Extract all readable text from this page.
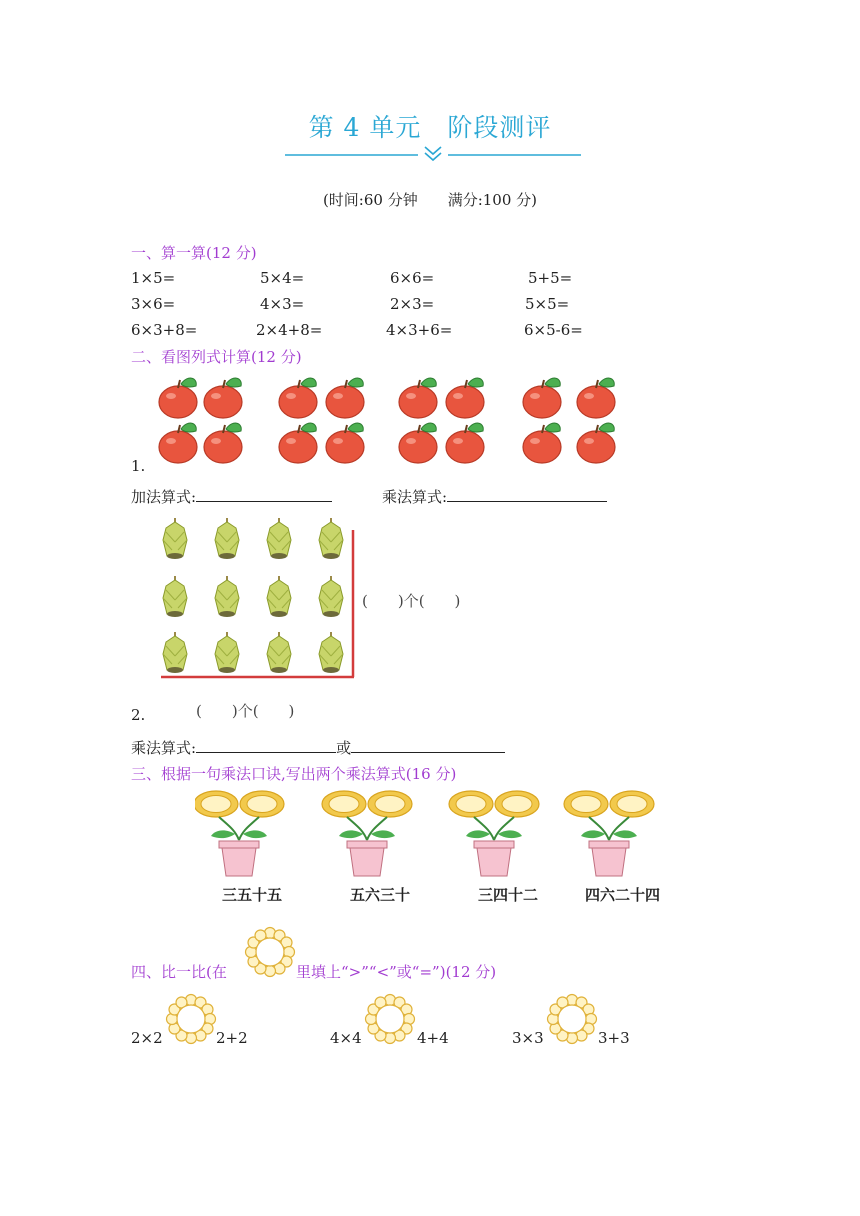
第 4 单元　阶段测评
(时间:60 分钟　　满分:100 分)
一、算一算(12 分)
1×5=	5×4=	6×6=	5+5=
3×6=	4×3=	2×3=	5×5=
6×3+8=	2×4+8=	4×3+6=	6×5-6=
二、看图列式计算(12 分)
1.
加法算式:	乘法算式:
(　　)个(　　)
2.	(　　)个(　　)
乘法算式:	或
三、根据一句乘法口诀,写出两个乘法算式(16 分)
三五十五	五六三十	三四十二	四六二十四
四、比一比(在	里填上“>”“<”或“=”)(12 分)
2×2	2+2	4×4	4+4	3×3	3+3
